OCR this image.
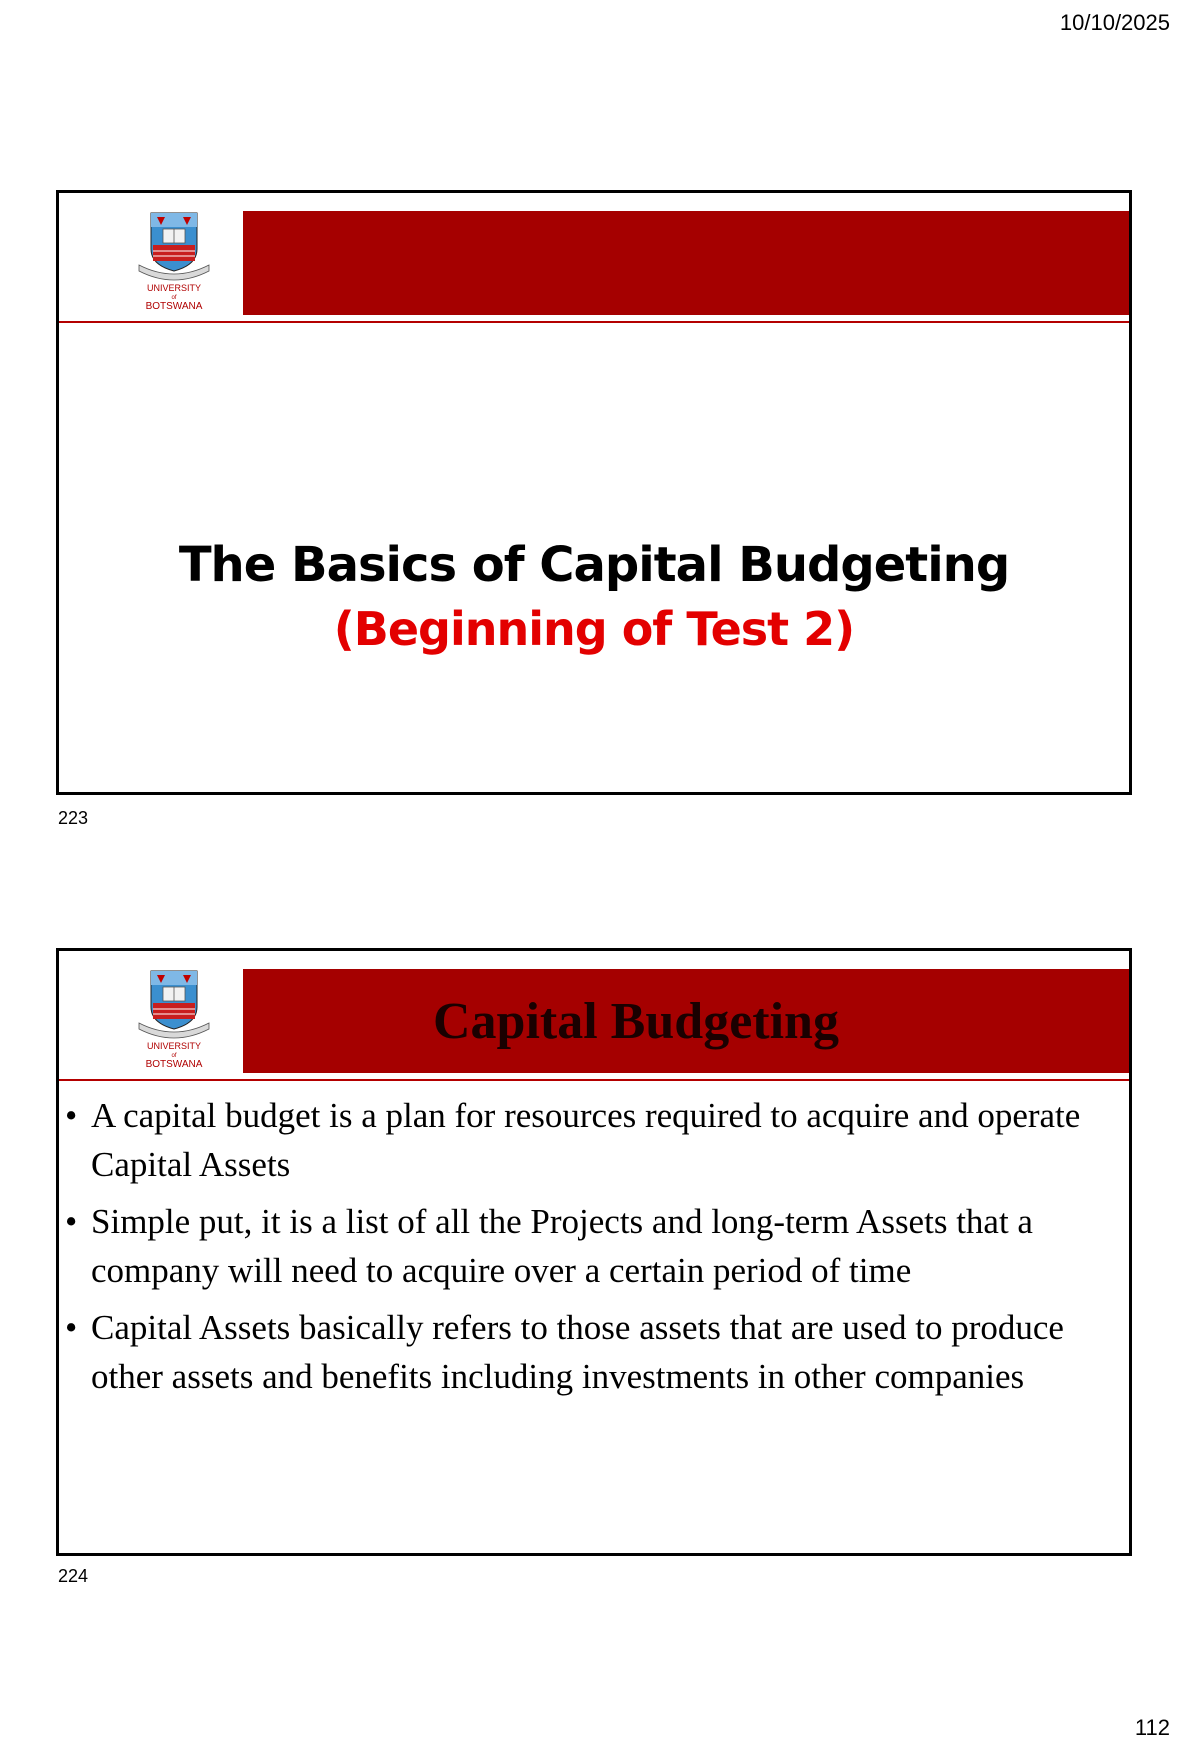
10/10/2025
UNIVERSITY
of
BOTSWANA
The Basics of Capital Budgeting
(Beginning of Test 2)
223
UNIVERSITY
of
BOTSWANA
Capital Budgeting
• A capital budget is a plan for resources required to acquire and operate Capital Assets
• Simple put, it is a list of all the Projects and long-term Assets that a company will need to acquire over a certain period of time
• Capital Assets basically refers to those assets that are used to produce other assets and benefits including investments in other companies
224
112
